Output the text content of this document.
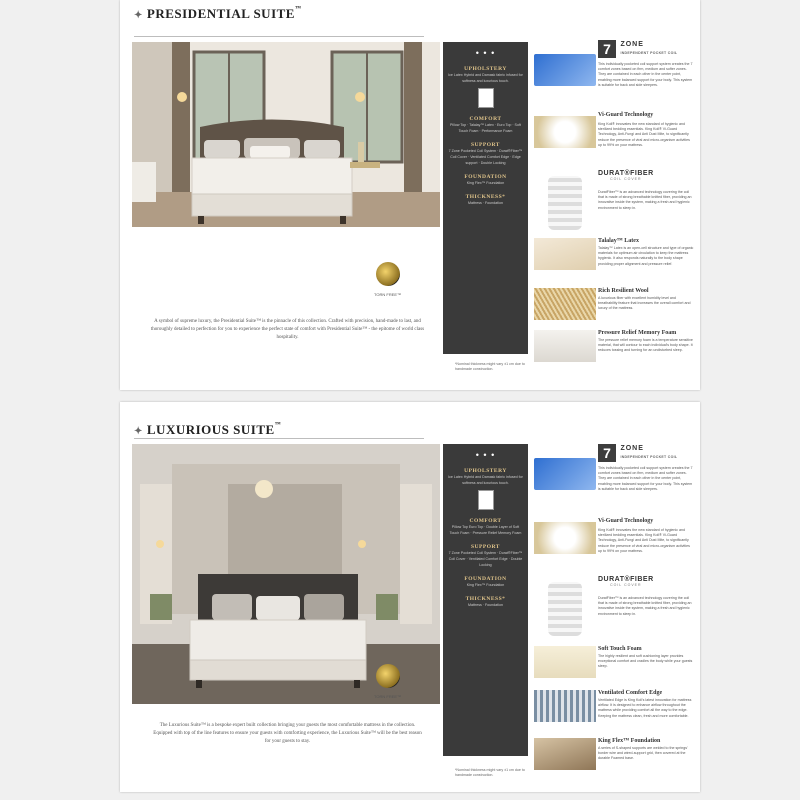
✦ PRESIDENTIAL SUITE™
TORN FREE™
A symbol of supreme luxury, the Presidential Suite™ is the pinnacle of this collection. Crafted with precision, hand-made to last, and thoroughly detailed to perfection for you to experience the perfect state of comfort with Presidential Suite™ - the epitome of world class hospitality.
• • •
UPHOLSTERY
Ice Latex Hybrid and Damask fabric infused for softness and luxurious touch.
COMFORT
Pillow Top · Talalay™ Latex · Euro Top · Soft Touch Foam · Performance Foam
SUPPORT
7 Zone Pocketed Coil System · Durat®Fiber™ Coil Cover · Ventilated Comfort Edge · Edge support · Double Locking
FOUNDATION
King Flex™ Foundation
THICKNESS*
Mattress · Foundation
*Nominal thickness might vary ±1 cm due to handmade construction.
7 ZONE
INDEPENDENT POCKET COIL
This individually pocketed coil support system creates the 7 comfort zones based on firm, medium and softer zones. They are contained in each other in the center point, enabling more balanced support for your body. This system is suitable for back and side sleepers.
Vi-Guard Technology
King Koil® innovates the new standard of hygienic and sterilized bedding essentials. King Koil® Vi-Guard Technology, Anti-Fungi and Anti Dust Mite, to significantly reduce the presence of viral and micro-organism activities up to 99% on your mattress.
DURAT®FIBER
COIL COVER
DuratFiber™ is an advanced technology covering the coil that is made of strong breathable knitted fiber, providing an innovative inside the system, making a fresh and hygienic environment to sleep in.
Talalay™ Latex
Talalay™ Latex is an open-cell structure and type of organic materials for optimum air circulation to keep the mattress hygienic. It also responds naturally to the body shape providing proper alignment and pressure relief.
Rich Resilient Wool
A luxurious fiber with excellent humidity level and breathability feature that increases the overall comfort and luxury of the mattress.
Pressure Relief Memory Foam
The pressure relief memory foam is a temperature sensitive material, that will contour to each individual's body shape. It reduces tossing and turning for an undisturbed sleep.
✦ LUXURIOUS SUITE™
TORN FREE™
The Luxurious Suite™ is a bespoke expert built collection bringing your guests the most comfortable mattress in the collection. Equipped with top of the line features to ensure your guests with comforting experience, the Luxurious Suite™ will be the best reason for your guests to stay.
• • •
UPHOLSTERY
Ice Latex Hybrid and Damask fabric infused for softness and luxurious touch.
COMFORT
Pillow Top Euro Top · Double Layer of Soft Touch Foam · Pressure Relief Memory Foam
SUPPORT
7 Zone Pocketed Coil System · Durat®Fiber™ Coil Cover · Ventilated Comfort Edge · Double Locking
FOUNDATION
King Flex™ Foundation
THICKNESS*
Mattress · Foundation
*Nominal thickness might vary ±1 cm due to handmade construction.
7 ZONE
INDEPENDENT POCKET COIL
This individually pocketed coil support system creates the 7 comfort zones based on firm, medium and softer zones. They are contained in each other in the center point, enabling more balanced support for your body. This system is suitable for back and side sleepers.
Vi-Guard Technology
King Koil® innovates the new standard of hygienic and sterilized bedding essentials. King Koil® Vi-Guard Technology, Anti-Fungi and Anti Dust Mite, to significantly reduce the presence of viral and micro-organism activities up to 99% on your mattress.
DURAT®FIBER
COIL COVER
DuratFiber™ is an advanced technology covering the coil that is made of strong breathable knitted fiber, providing an innovative inside the system, making a fresh and hygienic environment to sleep in.
Soft Touch Foam
The highly resilient and soft cushioning layer provides exceptional comfort and cradles the body while your guests sleep.
Ventilated Comfort Edge
Ventilated Edge is King Koil's latest innovation for mattress airflow. It is designed to enhance airflow throughout the mattress while providing comfort all the way to the edge. Keeping the mattress clean, fresh and more comfortable.
King Flex™ Foundation
A series of S-shaped supports are welded to the springs' border wire and wired-support grid, then covered at the durable Foamed base.
